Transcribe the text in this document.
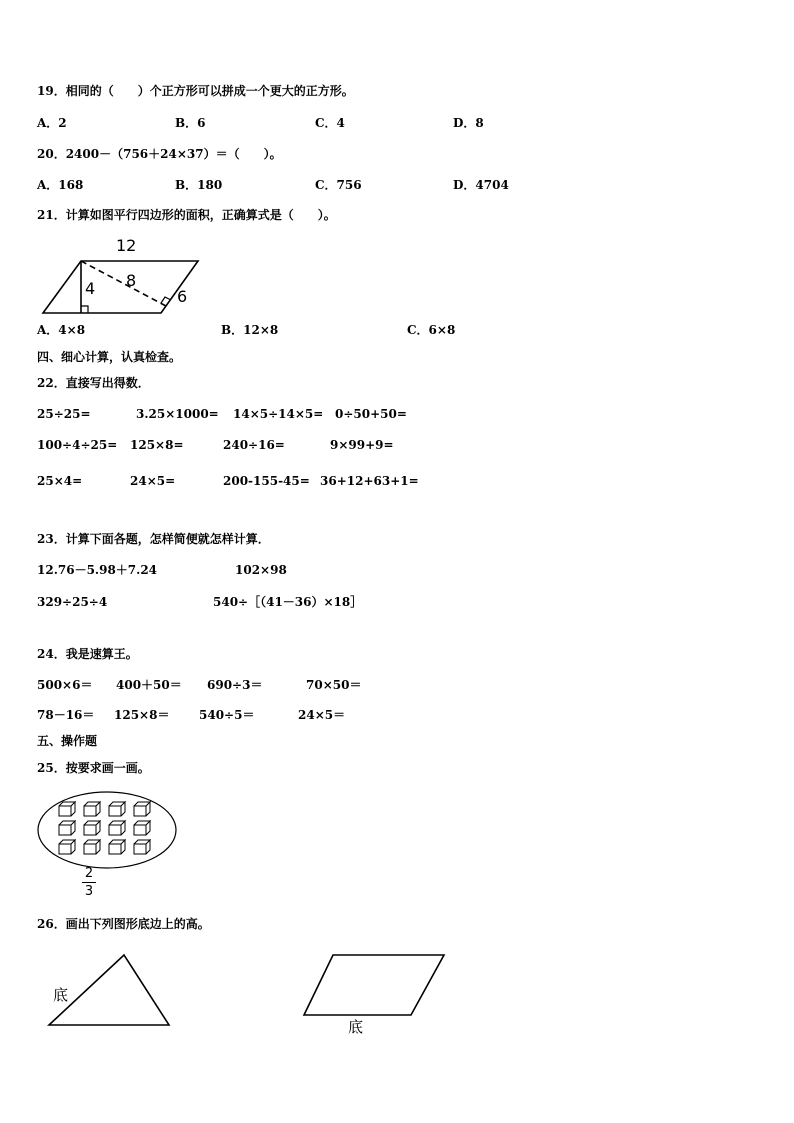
19．相同的（　　）个正方形可以拼成一个更大的正方形。
A．2	B．6	C．4	D．8
20．2400－（756＋24×37）＝（　　）。
A．168	B．180	C．756	D．4704
21．计算如图平行四边形的面积，正确算式是（　　）。
12
8
4	6
A．4×8	B．12×8	C．6×8
四、细心计算，认真检查。
22．直接写出得数．
25÷25=	3.25×1000= 14×5÷14×5= 0÷50+50=
100÷4÷25= 125×8=	240÷16=	9×99+9=
25×4=	24×5=	200-155-45= 36+12+63+1=
23．计算下面各题，怎样简便就怎样计算．
12.76－5.98＋7.24	102×98
329÷25÷4	540÷［（41－36）×18］
24．我是速算王。
500×6＝ 400＋50＝ 690÷3＝	70×50＝
78－16＝ 125×8＝ 540÷5＝	24×5＝
五、操作题
25．按要求画一画。
2
3
26．画出下列图形底边上的高。
底
底
